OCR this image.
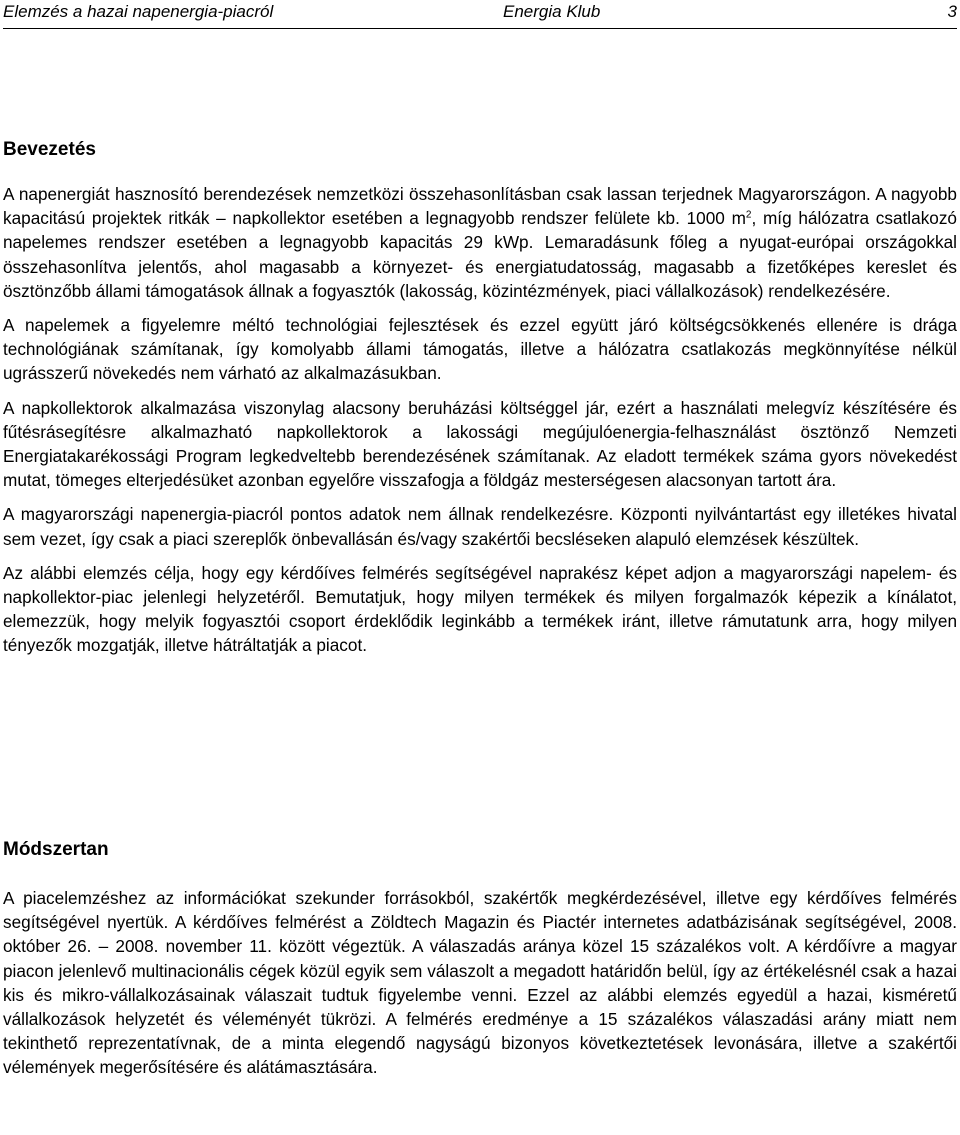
Elemzés a hazai napenergia-piacról	Energia Klub	3
Bevezetés

A napenergiát hasznosító berendezések nemzetközi összehasonlításban csak lassan terjednek Magyarországon. A nagyobb kapacitású projektek ritkák – napkollektor esetében a legnagyobb rendszer felülete kb. 1000 $m^2$, míg hálózatra csatlakozó napelemes rendszer esetében a legnagyobb kapacitás 29 kWp. Lemaradásunk főleg a nyugat-európai országokkal összehasonlítva jelentős, ahol magasabb a környezet- és energiatudatosság, magasabb a fizetőképes kereslet és ösztönzőbb állami támogatások állnak a fogyasztók (lakosság, közintézmények, piaci vállalkozások) rendelkezésére.

A napelemek a figyelemre méltó technológiai fejlesztések és ezzel együtt járó költségcsökkenés ellenére is drága technológiának számítanak, így komolyabb állami támogatás, illetve a hálózatra csatlakozás megkönnyítése nélkül ugrásszerű növekedés nem várható az alkalmazásukban.

A napkollektorok alkalmazása viszonylag alacsony beruházási költséggel jár, ezért a használati melegvíz készítésére és fűtésrásegítésre alkalmazható napkollektorok a lakossági megújulóenergia-felhasználást ösztönző Nemzeti Energiatakarékossági Program legkedveltebb berendezésének számítanak. Az eladott termékek száma gyors növekedést mutat, tömeges elterjedésüket azonban egyelőre visszafogja a földgáz mesterségesen alacsonyan tartott ára.

A magyarországi napenergia-piacról pontos adatok nem állnak rendelkezésre. Központi nyilvántartást egy illetékes hivatal sem vezet, így csak a piaci szereplők önbevallásán és/vagy szakértői becsléseken alapuló elemzések készültek.

Az alábbi elemzés célja, hogy egy kérdőíves felmérés segítségével naprakész képet adjon a magyarországi napelem- és napkollektor-piac jelenlegi helyzetéről. Bemutatjuk, hogy milyen termékek és milyen forgalmazók képezik a kínálatot, elemezzük, hogy melyik fogyasztói csoport érdeklődik leginkább a termékek iránt, illetve rámutatunk arra, hogy milyen tényezők mozgatják, illetve hátráltatják a piacot.

Módszertan

A piacelemzéshez az információkat szekunder forrásokból, szakértők megkérdezésével, illetve egy kérdőíves felmérés segítségével nyertük. A kérdőíves felmérést a Zöldtech Magazin és Piactér internetes adatbázisának segítségével, 2008. október 26. – 2008. november 11. között végeztük. A válaszadás aránya közel 15 százalékos volt. A kérdőívre a magyar piacon jelenlevő multinacionális cégek közül egyik sem válaszolt a megadott határidőn belül, így az értékelésnél csak a hazai kis és mikro-vállalkozásainak válaszait tudtuk figyelembe venni. Ezzel az alábbi elemzés egyedül a hazai, kisméretű vállalkozások helyzetét és véleményét tükrözi. A felmérés eredménye a 15 százalékos válaszadási arány miatt nem tekinthető reprezentatívnak, de a minta elegendő nagyságú bizonyos következtetések levonására, illetve a szakértői vélemények megerősítésére és alátámasztására.
